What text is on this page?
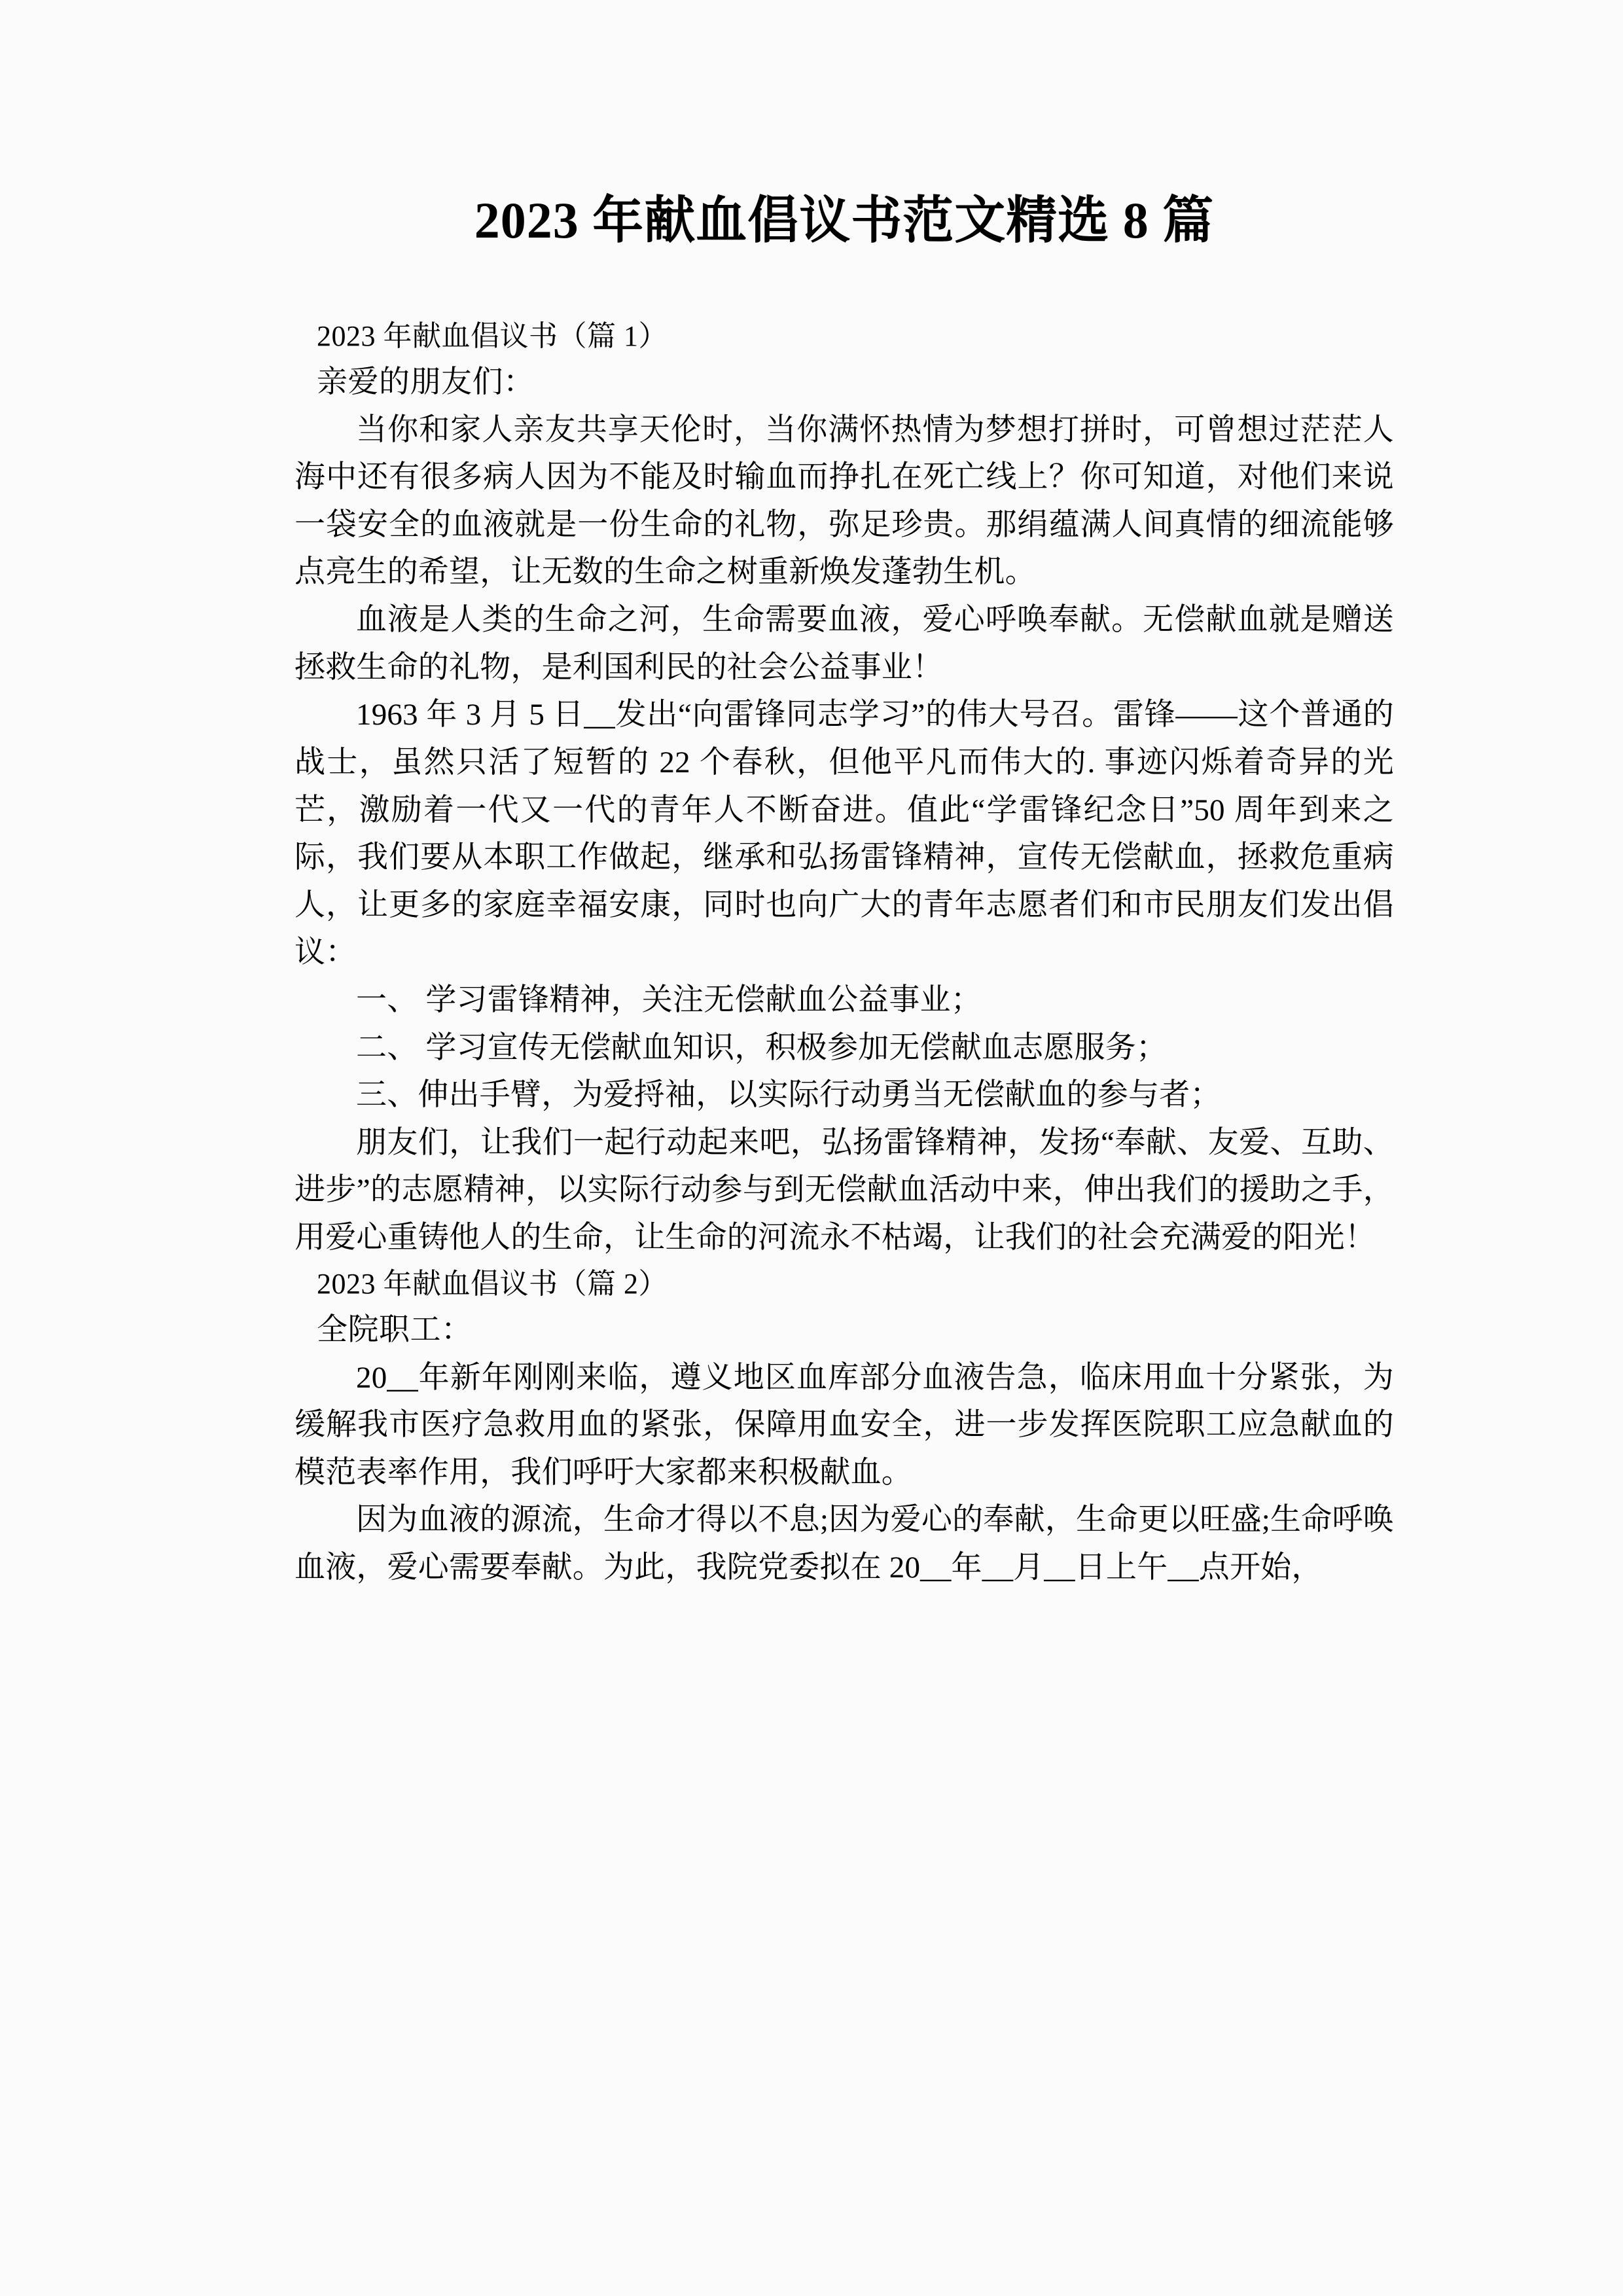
2023 年献血倡议书范文精选 8 篇
2023 年献血倡议书（篇 1）
亲爱的朋友们：

当你和家人亲友共享天伦时，当你满怀热情为梦想打拼时，可曾想过茫茫人海中还有很多病人因为不能及时输血而挣扎在死亡线上？你可知道，对他们来说一袋安全的血液就是一份生命的礼物，弥足珍贵。那绢蕴满人间真情的细流能够点亮生的希望，让无数的生命之树重新焕发蓬勃生机。

血液是人类的生命之河，生命需要血液，爱心呼唤奉献。无偿献血就是赠送拯救生命的礼物，是利国利民的社会公益事业！

1963 年 3 月 5 日__发出“向雷锋同志学习”的伟大号召。雷锋——这个普通的战士，虽然只活了短暂的 22 个春秋，但他平凡而伟大的. 事迹闪烁着奇异的光芒，激励着一代又一代的青年人不断奋进。值此“学雷锋纪念日”50 周年到来之际，我们要从本职工作做起，继承和弘扬雷锋精神，宣传无偿献血，拯救危重病人，让更多的家庭幸福安康，同时也向广大的青年志愿者们和市民朋友们发出倡议：

一、 学习雷锋精神，关注无偿献血公益事业；

二、 学习宣传无偿献血知识，积极参加无偿献血志愿服务；

三、伸出手臂，为爱捋袖，以实际行动勇当无偿献血的参与者；

朋友们，让我们一起行动起来吧，弘扬雷锋精神，发扬“奉献、友爱、互助、进步”的志愿精神，以实际行动参与到无偿献血活动中来，伸出我们的援助之手，用爱心重铸他人的生命，让生命的河流永不枯竭，让我们的社会充满爱的阳光！

2023 年献血倡议书（篇 2）
全院职工：

20__年新年刚刚来临，遵义地区血库部分血液告急，临床用血十分紧张，为缓解我市医疗急救用血的紧张，保障用血安全，进一步发挥医院职工应急献血的模范表率作用，我们呼吁大家都来积极献血。

因为血液的源流，生命才得以不息;因为爱心的奉献，生命更以旺盛;生命呼唤血液，爱心需要奉献。为此，我院党委拟在 20__年__月__日上午__点开始，
